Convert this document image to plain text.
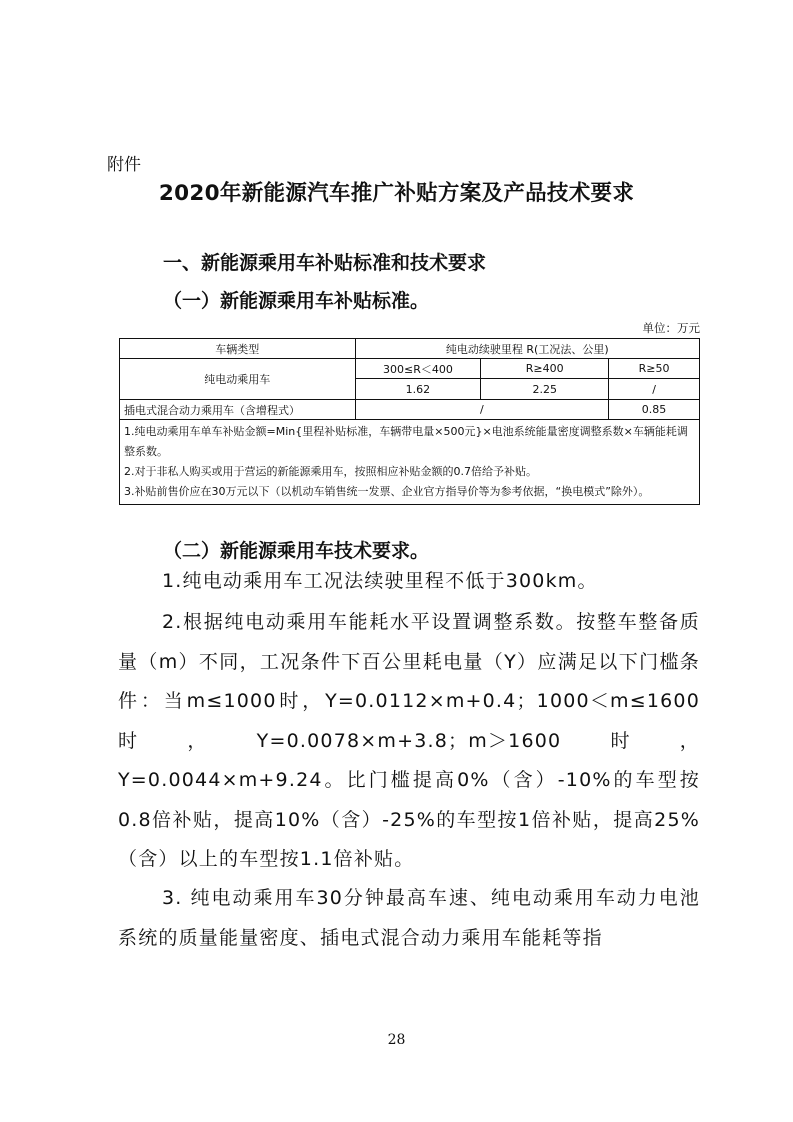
附件
2020年新能源汽车推广补贴方案及产品技术要求
一、新能源乘用车补贴标准和技术要求
（一）新能源乘用车补贴标准。
单位：万元
车辆类型	纯电动续驶里程 R(工况法、公里)		
纯电动乘用车	300≤R＜400	R≥400	R≥50
	1.62	2.25	/
插电式混合动力乘用车（含增程式）	/		0.85

1.纯电动乘用车单车补贴金额=Min{里程补贴标准，车辆带电量×500元}×电池系统能量密度调整系数×车辆能耗调整系数。
2.对于非私人购买或用于营运的新能源乘用车，按照相应补贴金额的0.7倍给予补贴。
3.补贴前售价应在30万元以下（以机动车销售统一发票、企业官方指导价等为参考依据，“换电模式”除外）。			
（二）新能源乘用车技术要求。
1.纯电动乘用车工况法续驶里程不低于300km。
2.根据纯电动乘用车能耗水平设置调整系数。按整车整备质量（m）不同，工况条件下百公里耗电量（Y）应满足以下门槛条件：当m≤1000时，Y=0.0112×m+0.4；1000＜m≤1600时，Y=0.0078×m+3.8；m＞1600时，Y=0.0044×m+9.24。比门槛提高0%（含）-10%的车型按0.8倍补贴，提高10%（含）-25%的车型按1倍补贴，提高25%（含）以上的车型按1.1倍补贴。
3. 纯电动乘用车30分钟最高车速、纯电动乘用车动力电池系统的质量能量密度、插电式混合动力乘用车能耗等指
28
